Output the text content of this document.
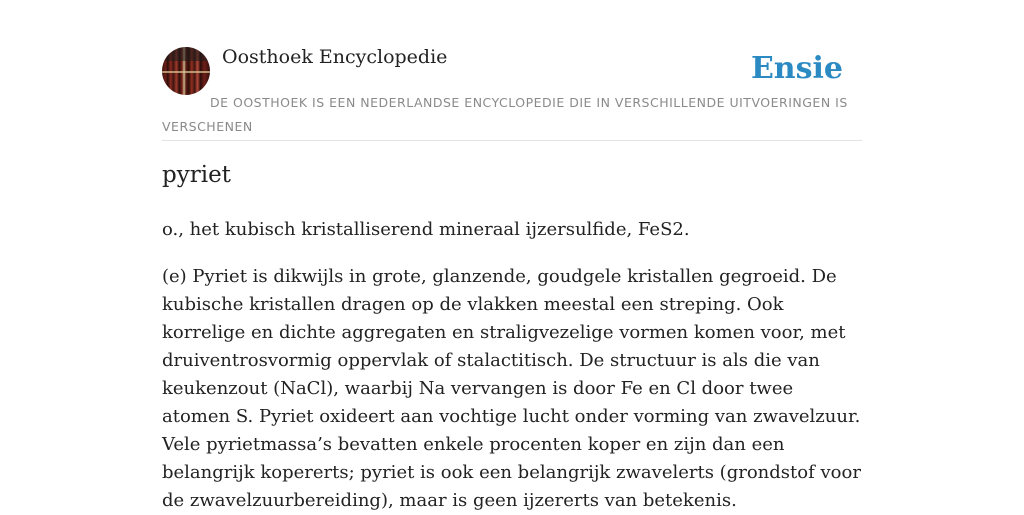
Oosthoek Encyclopedie	Ensie
DE OOSTHOEK IS EEN NEDERLANDSE ENCYCLOPEDIE DIE IN VERSCHILLENDE UITVOERINGEN IS VERSCHENEN
pyriet

o., het kubisch kristalliserend mineraal ijzersulfide, FeS2.

(e) Pyriet is dikwijls in grote, glanzende, goudgele kristallen gegroeid. De kubische kristallen dragen op de vlakken meestal een streping. Ook korrelige en dichte aggregaten en straligvezelige vormen komen voor, met druiventrosvormig oppervlak of stalactitisch. De structuur is als die van keukenzout (NaCl), waarbij Na vervangen is door Fe en Cl door twee atomen S. Pyriet oxideert aan vochtige lucht onder vorming van zwavelzuur. Vele pyrietmassa’s bevatten enkele procenten koper en zijn dan een belangrijk kopererts; pyriet is ook een belangrijk zwavelerts (grondstof voor de zwavelzuurbereiding), maar is geen ijzererts van betekenis.
